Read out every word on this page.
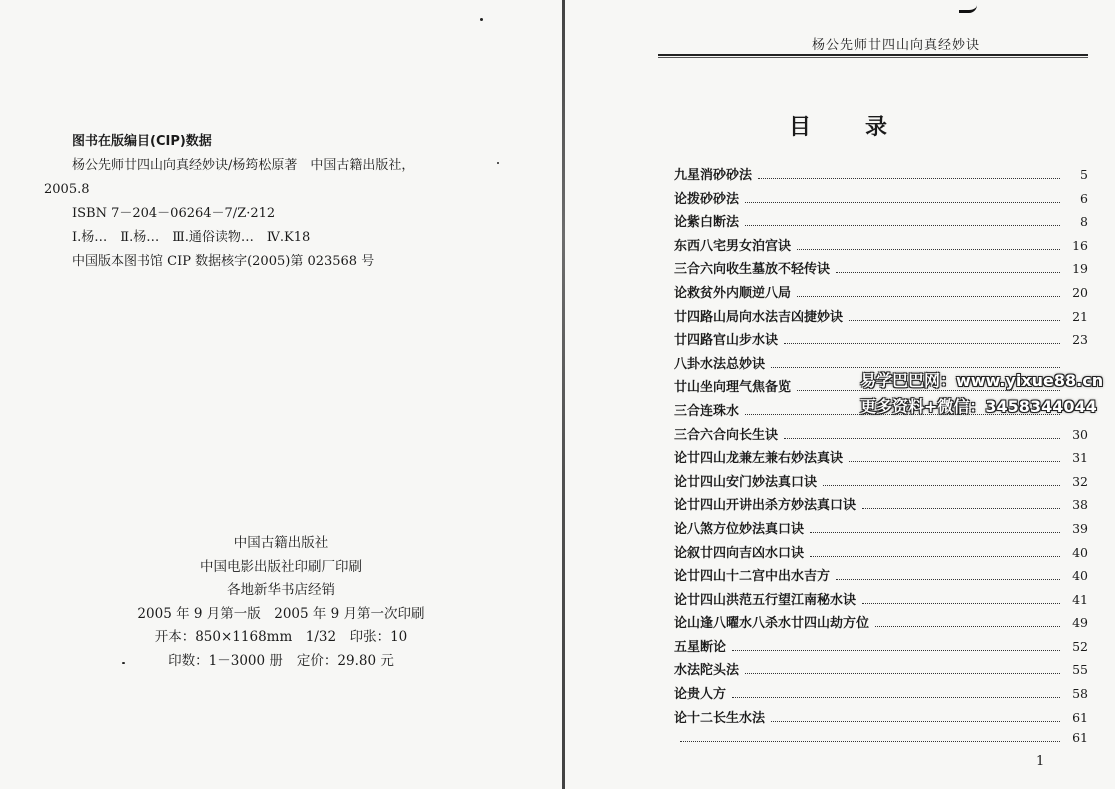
图书在版编目(CIP)数据
杨公先师廿四山向真经妙诀/杨筠松原著　中国古籍出版社，
2005.8
ISBN 7－204－06264－7/Z·212
Ⅰ.杨…　Ⅱ.杨…　Ⅲ.通俗读物…　Ⅳ.K18
中国版本图书馆 CIP 数据核字(2005)第 023568 号
中国古籍出版社
中国电影出版社印刷厂印刷
各地新华书店经销
2005 年 9 月第一版　2005 年 9 月第一次印刷
开本：850×1168mm　1/32　印张：10
印数：1－3000 册 定价：29.80 元
杨公先师廿四山向真经妙诀
目　录
九星消砂砂法	5
论拨砂砂法	6
论紫白断法	8
东西八宅男女泊宫诀	16
三合六向收生墓放不轻传诀	19
论救贫外内顺逆八局	20
廿四路山局向水法吉凶捷妙诀	21
廿四路官山步水诀	23
八卦水法总妙诀
廿山坐向理气焦备览
三合连珠水
三合六合向长生诀	30
论廿四山龙兼左兼右妙法真诀	31
论廿四山安门妙法真口诀	32
论廿四山开讲出杀方妙法真口诀	38
论八煞方位妙法真口诀	39
论叙廿四向吉凶水口诀	40
论廿四山十二宫中出水吉方	40
论廿四山洪范五行望江南秘水诀	41
论山逢八曜水八杀水廿四山劫方位	49
五星断论	52
水法陀头法	55
论贵人方	58
论十二长生水法	61
61
1
易学巴巴网：www.yixue88.cn
更多资料+微信：3458344044
